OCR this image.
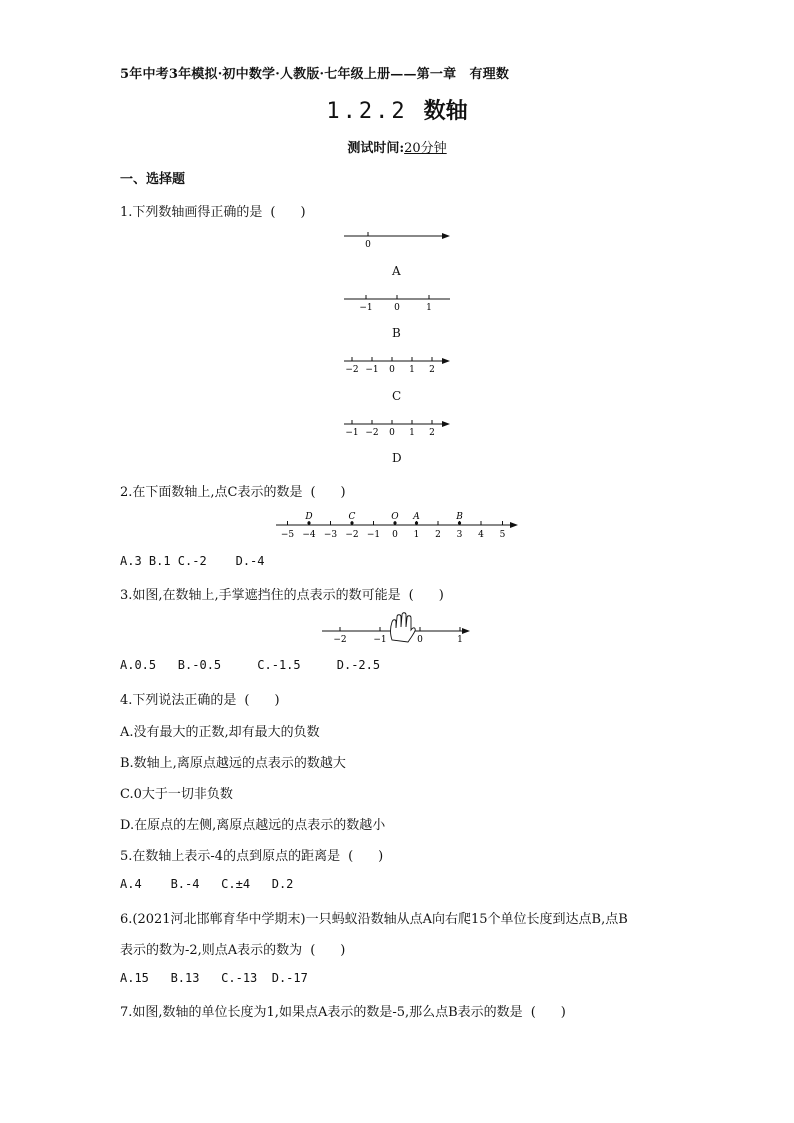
5年中考3年模拟·初中数学·人教版·七年级上册——第一章　有理数
1.2.2 数轴
测试时间:20分钟
一、选择题
1.下列数轴画得正确的是 (　)
0
A
−1 0	1
B
−2 −1 0 1 2
C
−1 −2 0 1 2
D
2.在下面数轴上,点C表示的数是 (　)
−5 −4 −3 −2 −1 0 1 2 3 4 5
D	C	O A	B
A.3 B.1 C.-2    D.-4
3.如图,在数轴上,手掌遮挡住的点表示的数可能是 (　)
−2	−1	0	1
A.0.5   B.-0.5     C.-1.5     D.-2.5
4.下列说法正确的是 (　)
A.没有最大的正数,却有最大的负数
B.数轴上,离原点越远的点表示的数越大
C.0大于一切非负数
D.在原点的左侧,离原点越远的点表示的数越小
5.在数轴上表示-4的点到原点的距离是 (　)
A.4    B.-4   C.±4   D.2
6.(2021河北邯郸育华中学期末)一只蚂蚁沿数轴从点A向右爬15个单位长度到达点B,点B
表示的数为-2,则点A表示的数为 (　)
A.15   B.13   C.-13  D.-17
7.如图,数轴的单位长度为1,如果点A表示的数是-5,那么点B表示的数是 (　)
